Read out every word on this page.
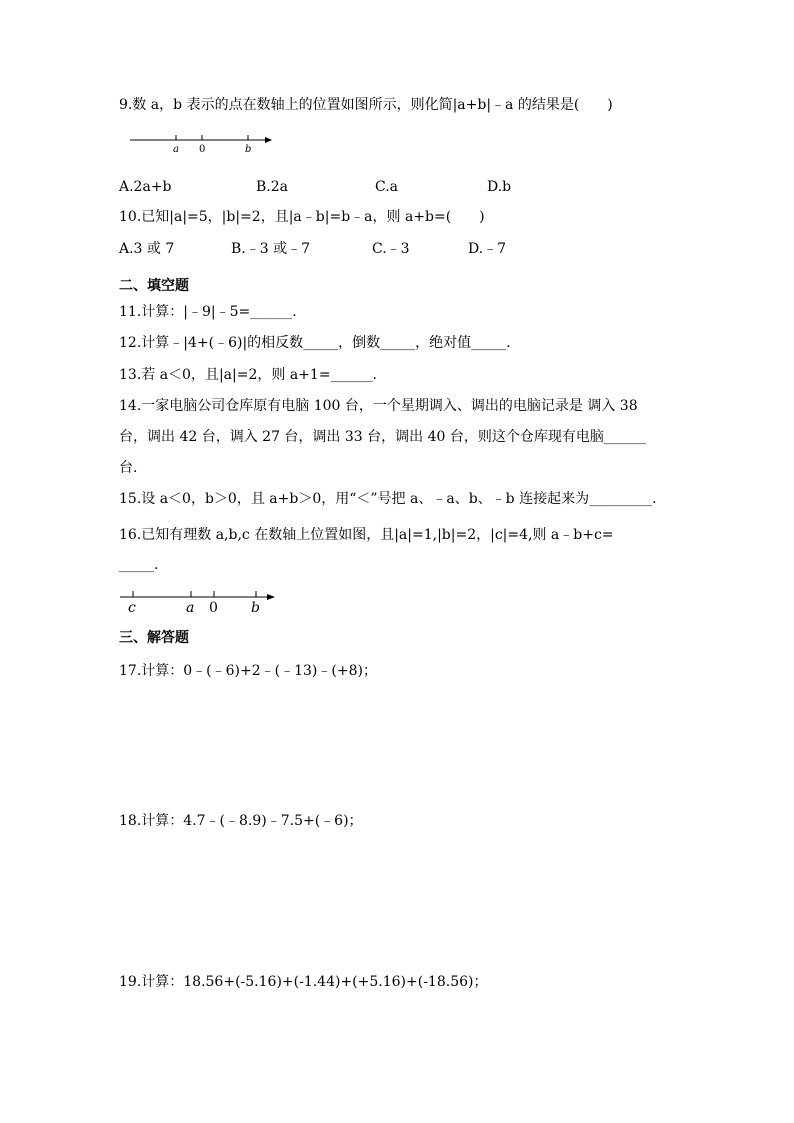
9.数 a，b 表示的点在数轴上的位置如图所示，则化简|a+b|﹣a 的结果是(　　)
a 0	b
A.2a+b	B.2a	C.a	D.b
10.已知|a|=5，|b|=2，且|a﹣b|=b﹣a，则 a+b=(　　)
A.3 或 7	B.﹣3 或﹣7	C.﹣3	D.﹣7
二、填空题
11.计算：|﹣9|﹣5=______.
12.计算﹣|4+(﹣6)|的相反数_____，倒数_____，绝对值_____.
13.若 a＜0，且|a|=2，则 a+1=______.
14.一家电脑公司仓库原有电脑 100 台，一个星期调入、调出的电脑记录是 调入 38
台，调出 42 台，调入 27 台，调出 33 台，调出 40 台，则这个仓库现有电脑______
台.
15.设 a＜0，b＞0，且 a+b＞0，用“＜”号把 a、﹣a、b、﹣b 连接起来为_________.
16.已知有理数 a,b,c 在数轴上位置如图，且|a|=1,|b|=2，|c|=4,则 a﹣b+c=
_____.
c	a 0 b
三、解答题
17.计算：0﹣(﹣6)+2﹣(﹣13)﹣(+8)；
18.计算：4.7﹣(﹣8.9)﹣7.5+(﹣6)；
19.计算：18.56+(-5.16)+(-1.44)+(+5.16)+(-18.56)；
